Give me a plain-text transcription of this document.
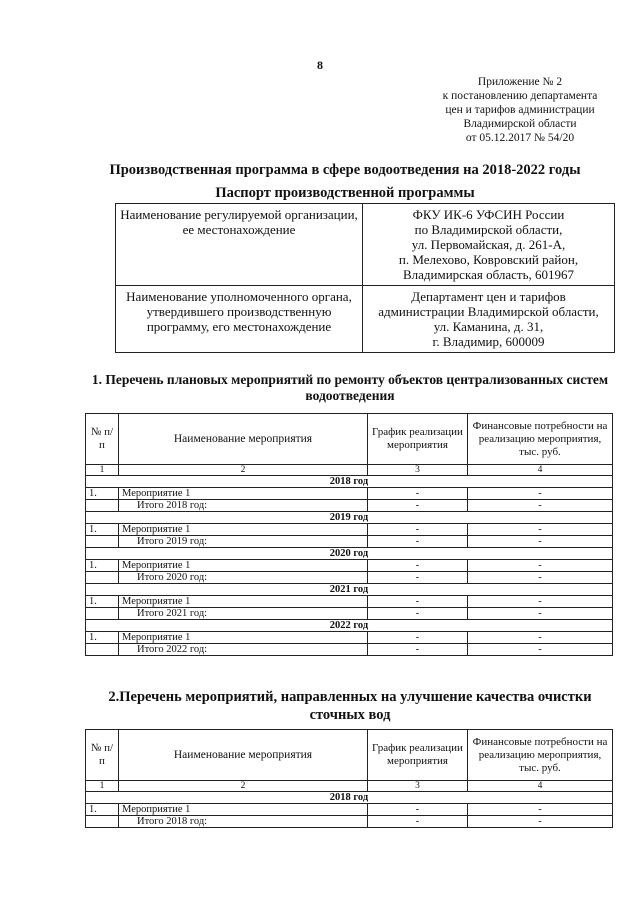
8
Приложение № 2
к постановлению департамента
цен и тарифов администрации
Владимирской области
от 05.12.2017 № 54/20
Производственная программа в сфере водоотведения на 2018-2022 годы
Паспорт производственной программы
Наименование регулируемой организации, ее местонахождение	ФКУ ИК-6 УФСИН России
по Владимирской области,
ул. Первомайская, д. 261-А,
п. Мелехово, Ковровский район,
Владимирская область, 601967

Наименование уполномоченного органа, утвердившего производственную программу, его местонахождение	Департамент цен и тарифов
администрации Владимирской области,
ул. Каманина, д. 31,
г. Владимир, 600009
1. Перечень плановых мероприятий по ремонту объектов централизованных систем водоотведения
№ п/п	Наименование мероприятия	График реализации мероприятия	Финансовые потребности на реализацию мероприятия, тыс. руб.
1	2	3	4
2018 год			
1.	Мероприятие 1	-	-
	Итого 2018 год:	-	-
2019 год			
1.	Мероприятие 1	-	-
	Итого 2019 год:	-	-
2020 год			
1.	Мероприятие 1	-	-
	Итого 2020 год:	-	-
2021 год			
1.	Мероприятие 1	-	-
	Итого 2021 год:	-	-
2022 год			
1.	Мероприятие 1	-	-
	Итого 2022 год:	-	-
2.Перечень мероприятий, направленных на улучшение качества очистки сточных вод
№ п/п	Наименование мероприятия	График реализации мероприятия	Финансовые потребности на реализацию мероприятия, тыс. руб.
1	2	3	4
2018 год			
1.	Мероприятие 1	-	-
	Итого 2018 год:	-	-
